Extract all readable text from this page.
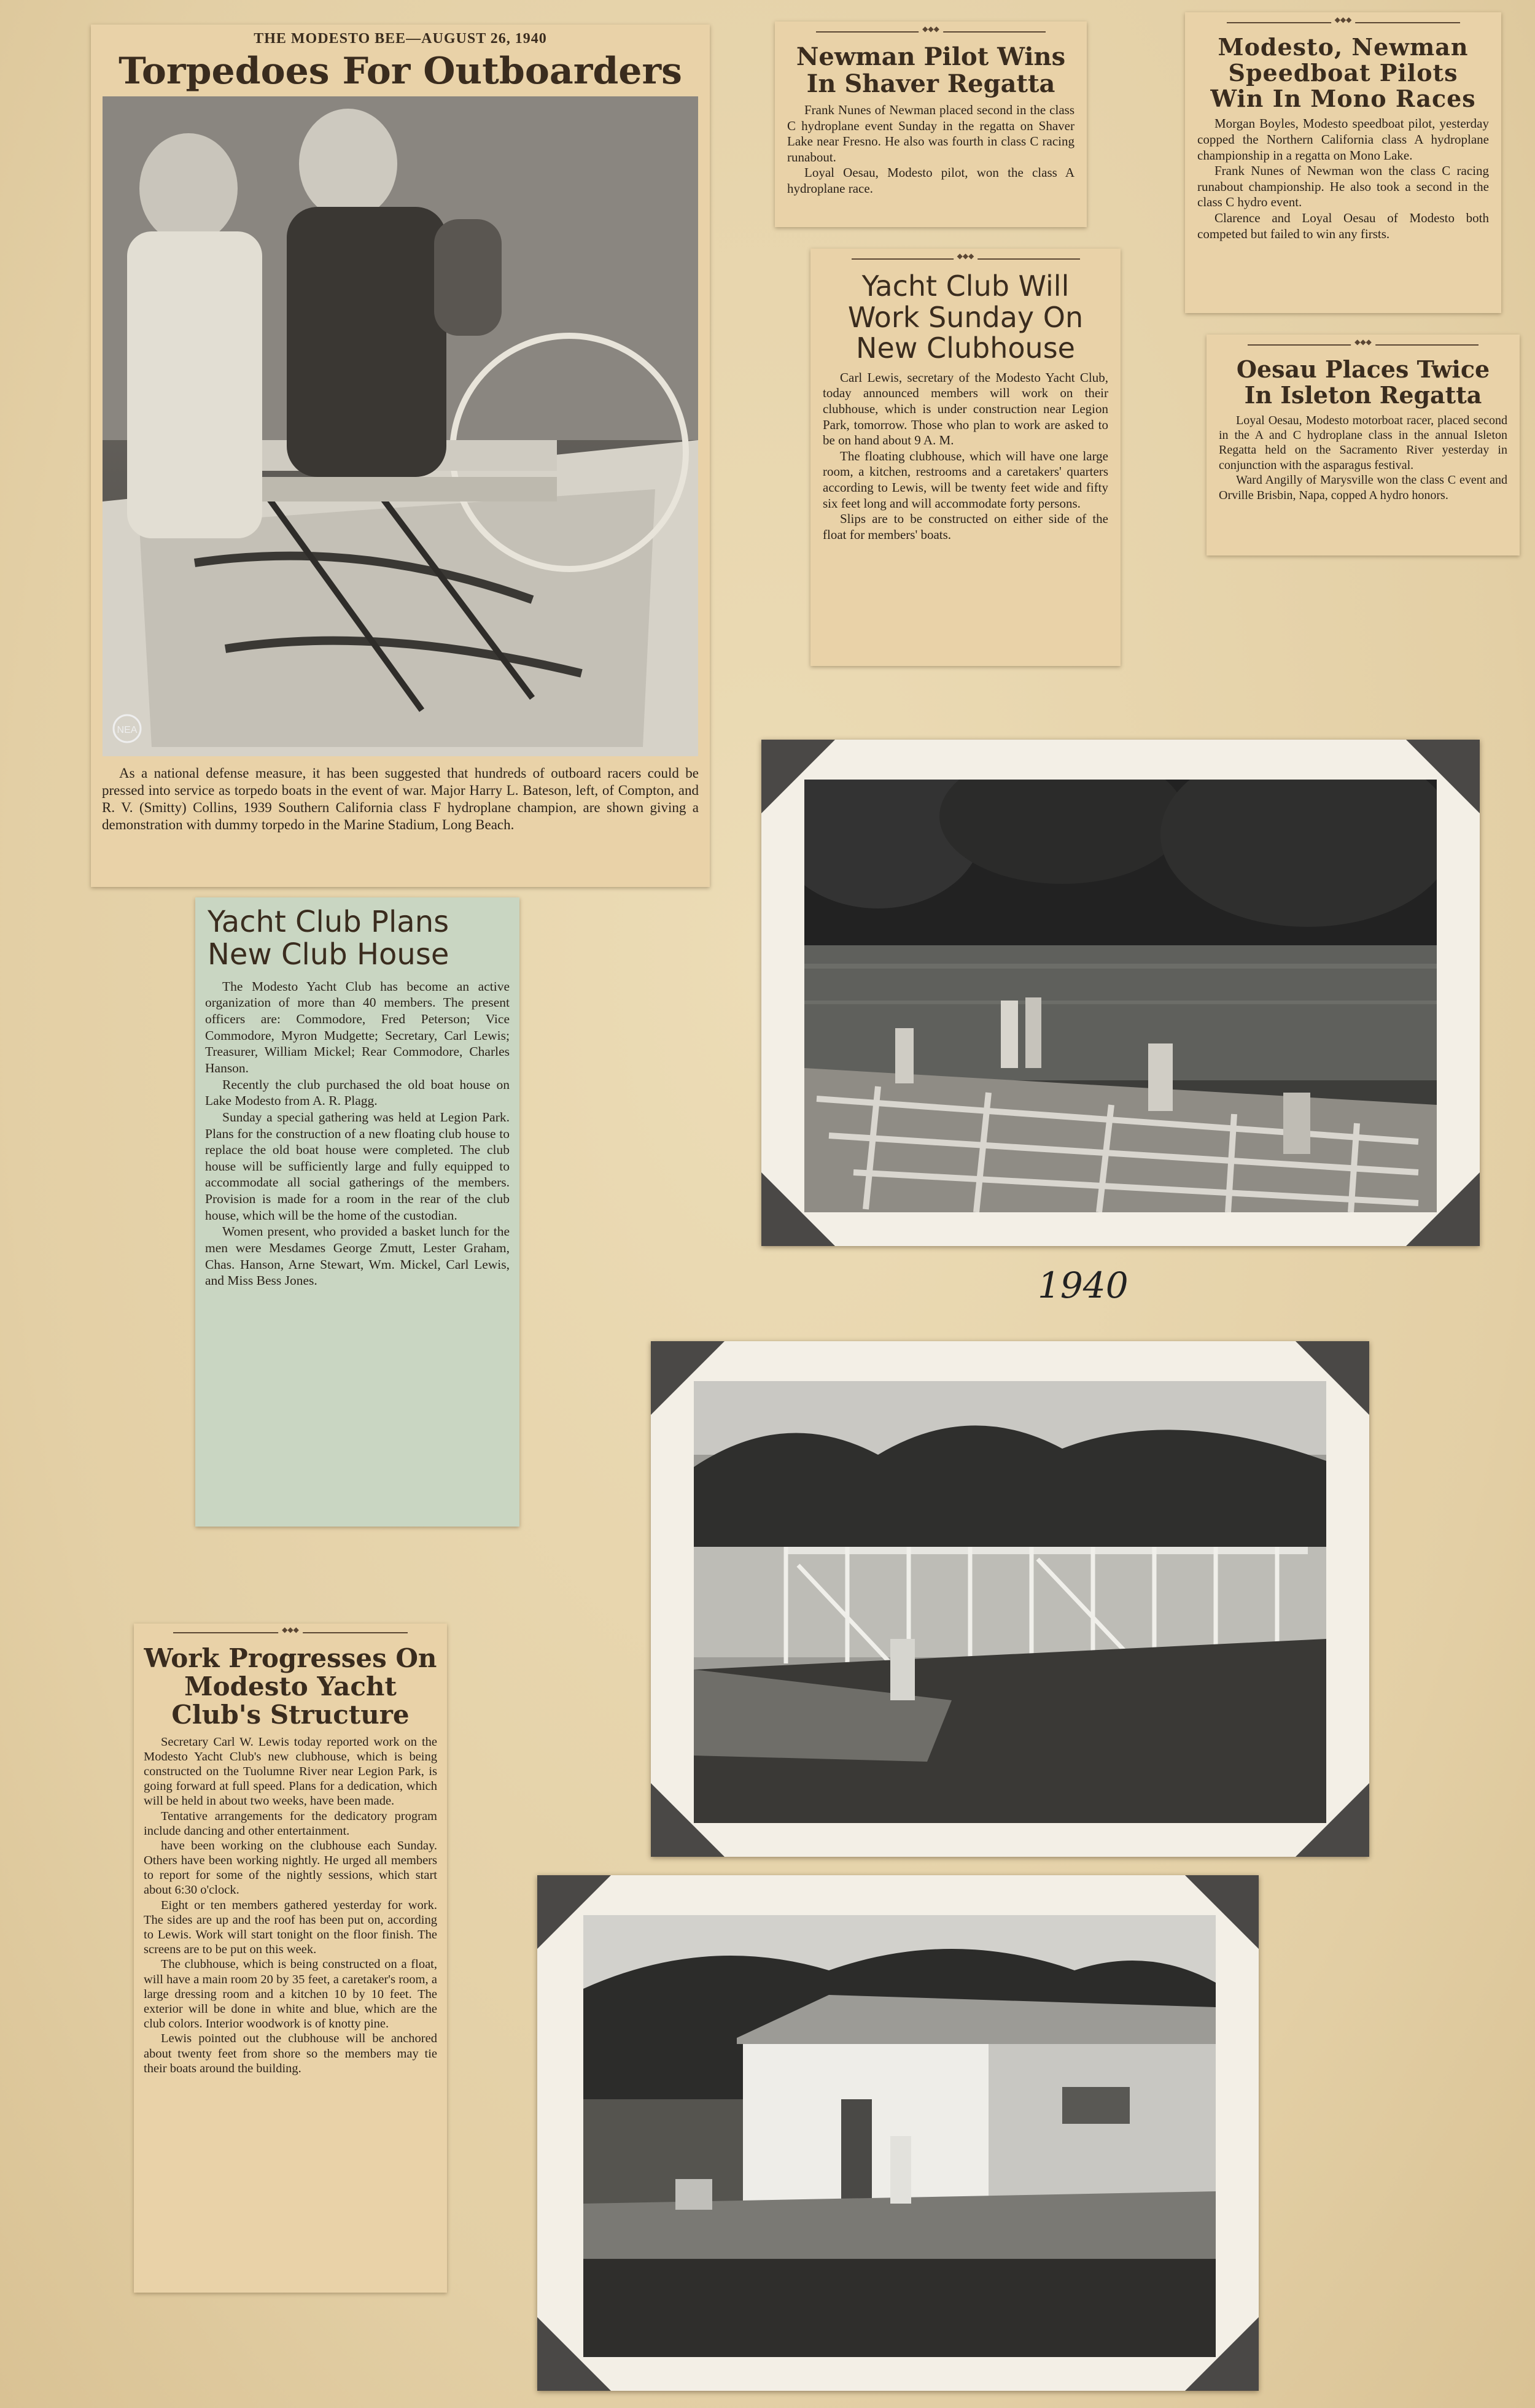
THE MODESTO BEE—AUGUST 26, 1940
Torpedoes For Outboarders
NEA
As a national defense measure, it has been suggested that hundreds of outboard racers could be pressed into service as torpedo boats in the event of war. Major Harry L. Bateson, left, of Compton, and R. V. (Smitty) Collins, 1939 Southern California class F hydroplane champion, are shown giving a demonstration with dummy torpedo in the Marine Stadium, Long Beach.
◆◆◆
Newman Pilot Wins In Shaver Regatta

Frank Nunes of Newman placed second in the class C hydroplane event Sunday in the regatta on Shaver Lake near Fresno. He also was fourth in class C racing runabout.

Loyal Oesau, Modesto pilot, won the class A hydroplane race.

◆◆◆
Modesto, Newman Speedboat Pilots Win In Mono Races

Morgan Boyles, Modesto speedboat pilot, yesterday copped the Northern California class A hydroplane championship in a regatta on Mono Lake.

Frank Nunes of Newman won the class C racing runabout championship. He also took a second in the class C hydro event.

Clarence and Loyal Oesau of Modesto both competed but failed to win any firsts.

◆◆◆
Yacht Club Will Work Sunday On New Clubhouse

Carl Lewis, secretary of the Modesto Yacht Club, today announced members will work on their clubhouse, which is under construction near Legion Park, tomorrow. Those who plan to work are asked to be on hand about 9 A. M.

The floating clubhouse, which will have one large room, a kitchen, restrooms and a caretakers' quarters according to Lewis, will be twenty feet wide and fifty six feet long and will accommodate forty persons.

Slips are to be constructed on either side of the float for members' boats.

◆◆◆
Oesau Places Twice In Isleton Regatta

Loyal Oesau, Modesto motorboat racer, placed second in the A and C hydroplane class in the annual Isleton Regatta held on the Sacramento River yesterday in conjunction with the asparagus festival.

Ward Angilly of Marysville won the class C event and Orville Brisbin, Napa, copped A hydro honors.

Yacht Club Plans New Club House

The Modesto Yacht Club has become an active organization of more than 40 members. The present officers are: Commodore, Fred Peterson; Vice Commodore, Myron Mudgette; Secretary, Carl Lewis; Treasurer, William Mickel; Rear Commodore, Charles Hanson.

Recently the club purchased the old boat house on Lake Modesto from A. R. Plagg.

Sunday a special gathering was held at Legion Park. Plans for the construction of a new floating club house to replace the old boat house were completed. The club house will be sufficiently large and fully equipped to accommodate all social gatherings of the members. Provision is made for a room in the rear of the club house, which will be the home of the custodian.

Women present, who provided a basket lunch for the men were Mesdames George Zmutt, Lester Graham, Chas. Hanson, Arne Stewart, Wm. Mickel, Carl Lewis, and Miss Bess Jones.

◆◆◆
Work Progresses On Modesto Yacht Club's Structure

Secretary Carl W. Lewis today reported work on the Modesto Yacht Club's new clubhouse, which is being constructed on the Tuolumne River near Legion Park, is going forward at full speed. Plans for a dedication, which will be held in about two weeks, have been made.

Tentative arrangements for the dedicatory program include dancing and other entertainment.

have been working on the clubhouse each Sunday. Others have been working nightly. He urged all members to report for some of the nightly sessions, which start about 6:30 o'clock.

Eight or ten members gathered yesterday for work. The sides are up and the roof has been put on, according to Lewis. Work will start tonight on the floor finish. The screens are to be put on this week.

The clubhouse, which is being constructed on a float, will have a main room 20 by 35 feet, a caretaker's room, a large dressing room and a kitchen 10 by 10 feet. The exterior will be done in white and blue, which are the club colors. Interior woodwork is of knotty pine.

Lewis pointed out the clubhouse will be anchored about twenty feet from shore so the members may tie their boats around the building.

1940
